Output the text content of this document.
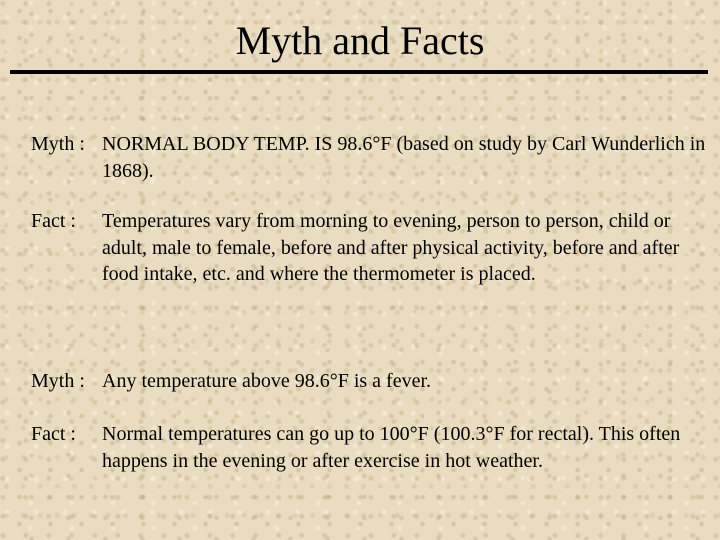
Myth and Facts
Myth : NORMAL BODY TEMP. IS 98.6°F (based on study by Carl Wunderlich in 1868).
Fact : Temperatures vary from morning to evening, person to person, child or adult, male to female, before and after physical activity, before and after food intake, etc. and where the thermometer is placed.
Myth : Any temperature above 98.6°F is a fever.
Fact : Normal temperatures can go up to 100°F (100.3°F for rectal). This often happens in the evening or after exercise in hot weather.
